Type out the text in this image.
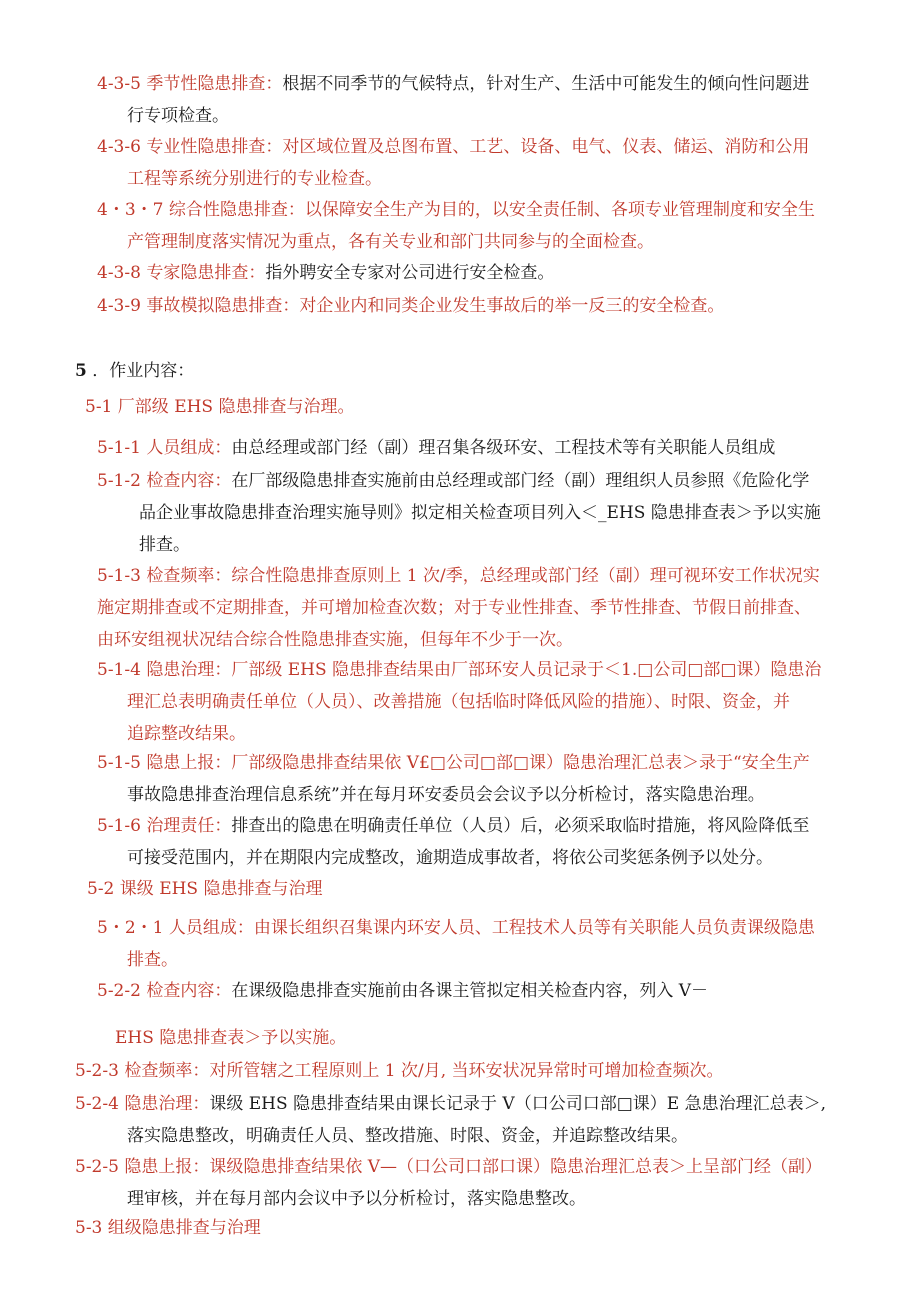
4-3-5 季节性隐患排查：根据不同季节的气候特点，针对生产、生活中可能发生的倾向性问题进
行专项检查。

4-3-6 专业性隐患排查：对区域位置及总图布置、工艺、设备、电气、仪表、储运、消防和公用
工程等系统分别进行的专业检查。

4・3・7 综合性隐患排查：以保障安全生产为目的，以安全责任制、各项专业管理制度和安全生
产管理制度落实情况为重点，各有关专业和部门共同参与的全面检查。

4-3-8 专家隐患排查：指外聘安全专家对公司进行安全检查。

4-3-9 事故模拟隐患排查：对企业内和同类企业发生事故后的举一反三的安全检查。

5 ．作业内容：

5-1 厂部级 EHS 隐患排查与治理。

5-1-1 人员组成：由总经理或部门经（副）理召集各级环安、工程技术等有关职能人员组成

5-1-2 检查内容：在厂部级隐患排查实施前由总经理或部门经（副）理组织人员参照《危险化学
品企业事故隐患排查治理实施导则》拟定相关检查项目列入＜_EHS 隐患排查表＞予以实施
排查。

5-1-3 检查频率：综合性隐患排查原则上 1 次/季，总经理或部门经（副）理可视环安工作状况实
施定期排查或不定期排查，并可增加检查次数；对于专业性排查、季节性排查、节假日前排查、
由环安组视状况结合综合性隐患排查实施，但每年不少于一次。

5-1-4 隐患治理：厂部级 EHS 隐患排查结果由厂部环安人员记录于＜1.□公司□部□课）隐患治
理汇总表明确责任单位（人员）、改善措施（包括临时降低风险的措施）、时限、资金，并
追踪整改结果。

5-1-5 隐患上报：厂部级隐患排查结果依 V£□公司□部□课）隐患治理汇总表＞录于“安全生产
事故隐患排查治理信息系统”并在每月环安委员会会议予以分析检讨，落实隐患治理。

5-1-6 治理责任：排查出的隐患在明确责任单位（人员）后，必须采取临时措施，将风险降低至
可接受范围内，并在期限内完成整改，逾期造成事故者，将依公司奖惩条例予以处分。

5-2 课级 EHS 隐患排查与治理

5・2・1 人员组成：由课长组织召集课内环安人员、工程技术人员等有关职能人员负责课级隐患
排查。

5-2-2 检查内容：在课级隐患排查实施前由各课主管拟定相关检查内容，列入 V－

EHS 隐患排查表＞予以实施。

5-2-3 检查频率：对所管辖之工程原则上 1 次/月, 当环安状况异常时可增加检查频次。

5-2-4 隐患治理：课级 EHS 隐患排查结果由课长记录于 V（口公司口部□课）E 急患治理汇总表＞,
落实隐患整改，明确责任人员、整改措施、时限、资金，并追踪整改结果。

5-2-5 隐患上报：课级隐患排查结果依 V—（口公司口部口课）隐患治理汇总表＞上呈部门经（副）
理审核，并在每月部内会议中予以分析检讨，落实隐患整改。

5-3 组级隐患排查与治理
